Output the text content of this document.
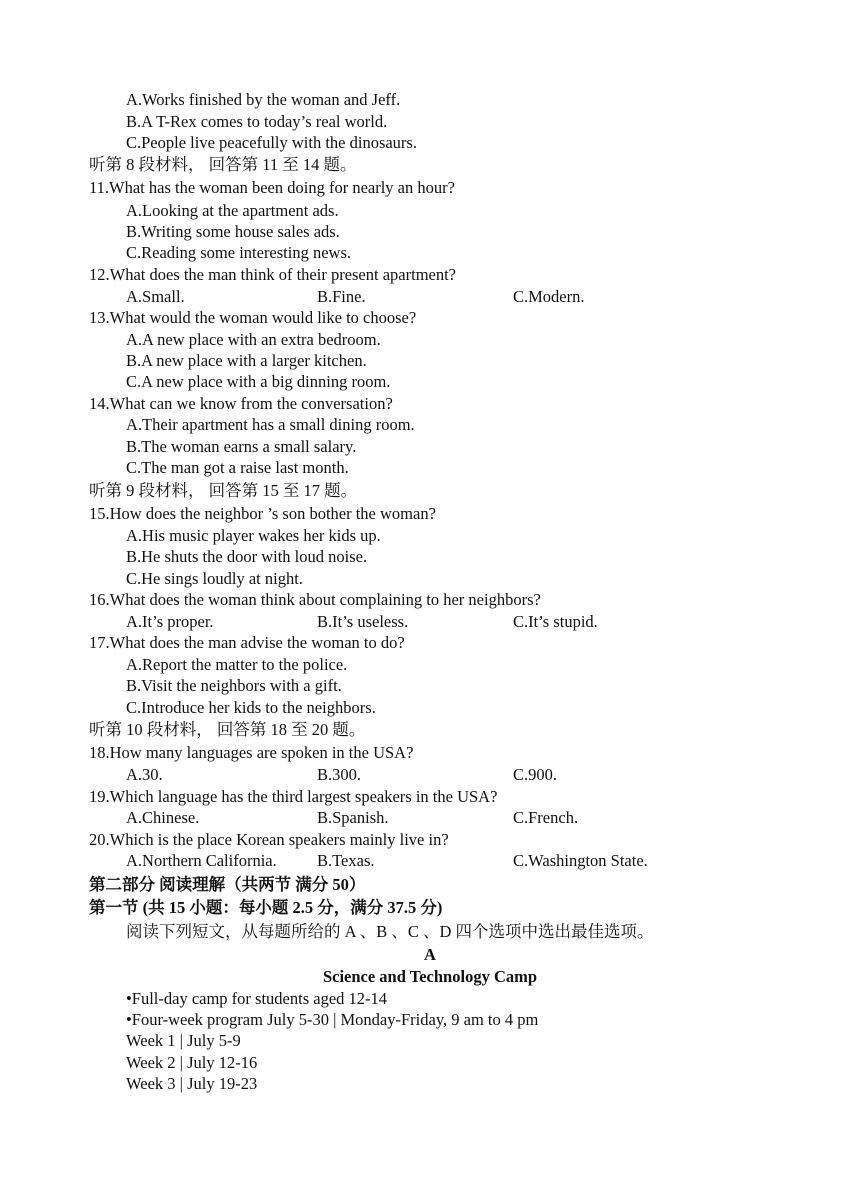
A.Works finished by the woman and Jeff.
B.A T-Rex comes to today’s real world.
C.People live peacefully with the dinosaurs.
听第 8 段材料， 回答第 11 至 14 题。
11.What has the woman been doing for nearly an hour?
A.Looking at the apartment ads.
B.Writing some house sales ads.
C.Reading some interesting news.
12.What does the man think of their present apartment?
A.Small.	B.Fine.	C.Modern.
13.What would the woman would like to choose?
A.A new place with an extra bedroom.
B.A new place with a larger kitchen.
C.A new place with a big dinning room.
14.What can we know from the conversation?
A.Their apartment has a small dining room.
B.The woman earns a small salary.
C.The man got a raise last month.
听第 9 段材料， 回答第 15 至 17 题。
15.How does the neighbor ’s son bother the woman?
A.His music player wakes her kids up.
B.He shuts the door with loud noise.
C.He sings loudly at night.
16.What does the woman think about complaining to her neighbors?
A.It’s proper.	B.It’s useless.	C.It’s stupid.
17.What does the man advise the woman to do?
A.Report the matter to the police.
B.Visit the neighbors with a gift.
C.Introduce her kids to the neighbors.
听第 10 段材料， 回答第 18 至 20 题。
18.How many languages are spoken in the USA?
A.30.	B.300.	C.900.
19.Which language has the third largest speakers in the USA?
A.Chinese.	B.Spanish.	C.French.
20.Which is the place Korean speakers mainly live in?
A.Northern California. B.Texas.	C.Washington State.
第二部分 阅读理解（共两节 满分 50）
第一节 (共 15 小题：每小题 2.5 分，满分 37.5 分)
阅读下列短文，从每题所给的 A 、B 、C 、D 四个选项中选出最佳选项。
A
Science and Technology Camp
•Full-day camp for students aged 12-14
•Four-week program July 5-30 | Monday-Friday, 9 am to 4 pm
Week 1 | July 5-9
Week 2 | July 12-16
Week 3 | July 19-23
